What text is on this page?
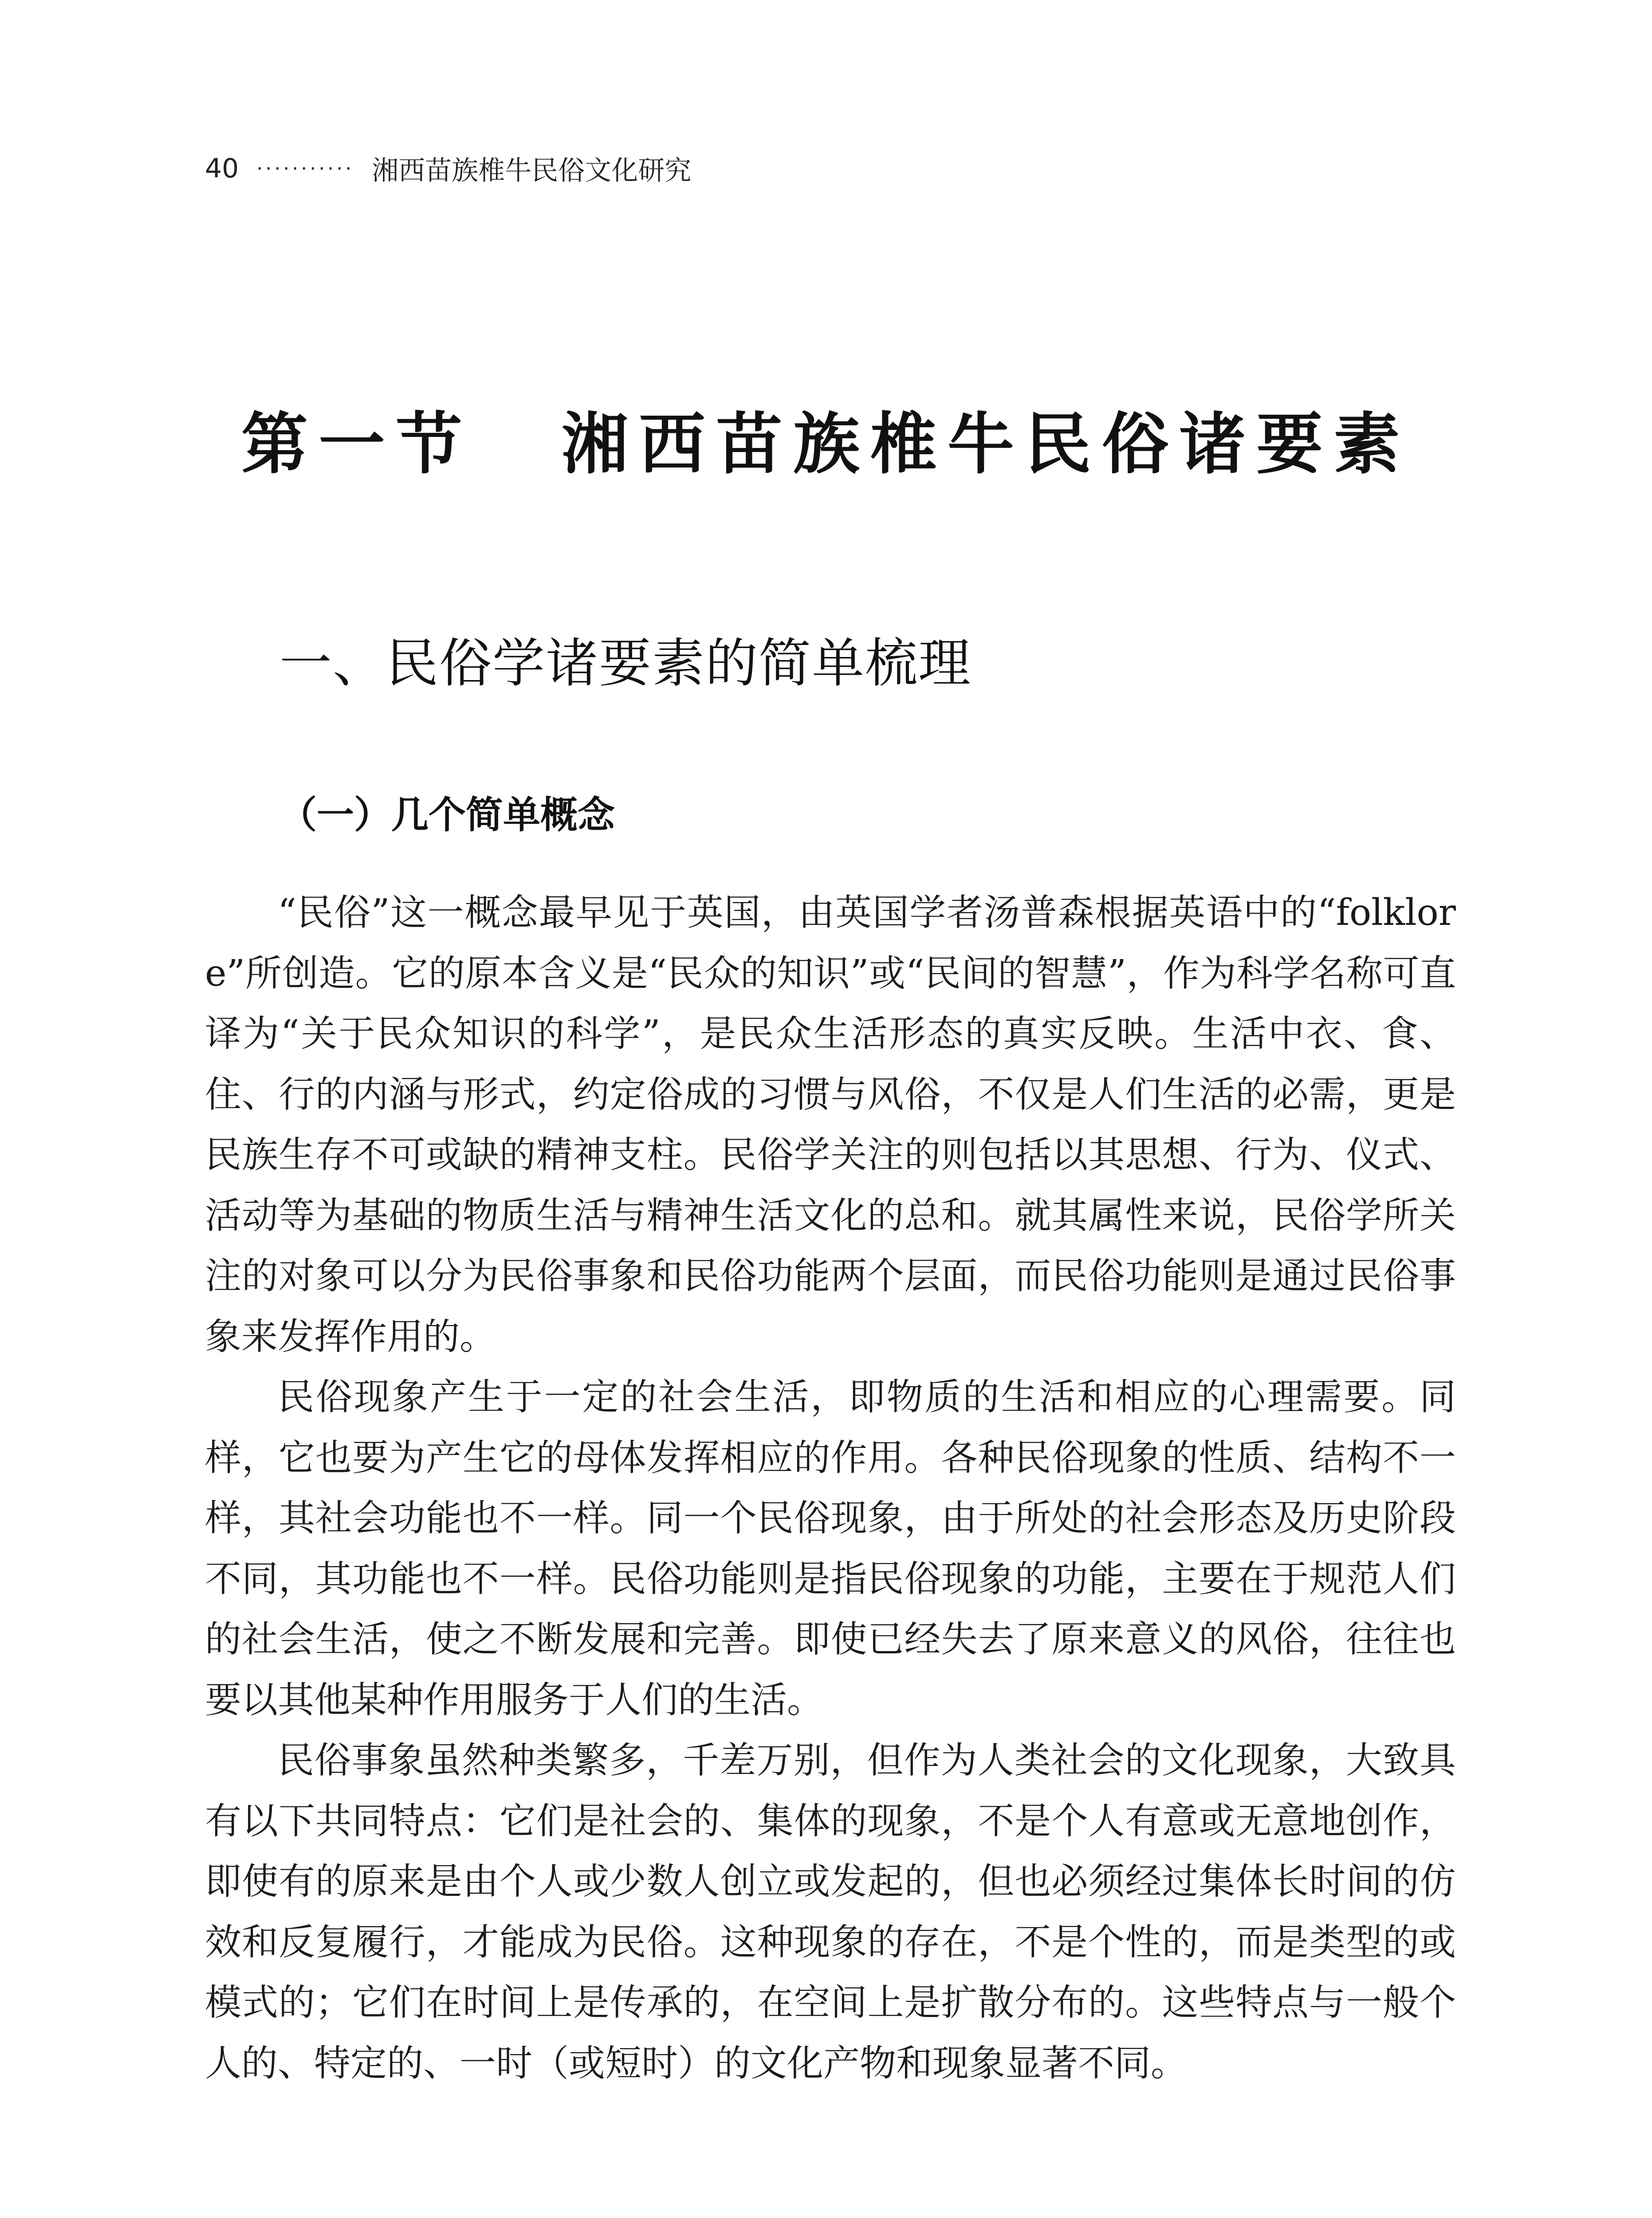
40 ··········· 湘西苗族椎牛民俗文化研究
第一节 湘西苗族椎牛民俗诸要素
一、民俗学诸要素的简单梳理
（一）几个简单概念

“民俗”这一概念最早见于英国，由英国学者汤普森根据英语中的“folklore”所创造。它的原本含义是“民众的知识”或“民间的智慧”，作为科学名称可直译为“关于民众知识的科学”，是民众生活形态的真实反映。生活中衣、食、住、行的内涵与形式，约定俗成的习惯与风俗，不仅是人们生活的必需，更是民族生存不可或缺的精神支柱。民俗学关注的则包括以其思想、行为、仪式、活动等为基础的物质生活与精神生活文化的总和。就其属性来说，民俗学所关注的对象可以分为民俗事象和民俗功能两个层面，而民俗功能则是通过民俗事象来发挥作用的。

民俗现象产生于一定的社会生活，即物质的生活和相应的心理需要。同样，它也要为产生它的母体发挥相应的作用。各种民俗现象的性质、结构不一样，其社会功能也不一样。同一个民俗现象，由于所处的社会形态及历史阶段不同，其功能也不一样。民俗功能则是指民俗现象的功能，主要在于规范人们的社会生活，使之不断发展和完善。即使已经失去了原来意义的风俗，往往也要以其他某种作用服务于人们的生活。

民俗事象虽然种类繁多，千差万别，但作为人类社会的文化现象，大致具有以下共同特点：它们是社会的、集体的现象，不是个人有意或无意地创作，即使有的原来是由个人或少数人创立或发起的，但也必须经过集体长时间的仿效和反复履行，才能成为民俗。这种现象的存在，不是个性的，而是类型的或模式的；它们在时间上是传承的，在空间上是扩散分布的。这些特点与一般个人的、特定的、一时（或短时）的文化产物和现象显著不同。
